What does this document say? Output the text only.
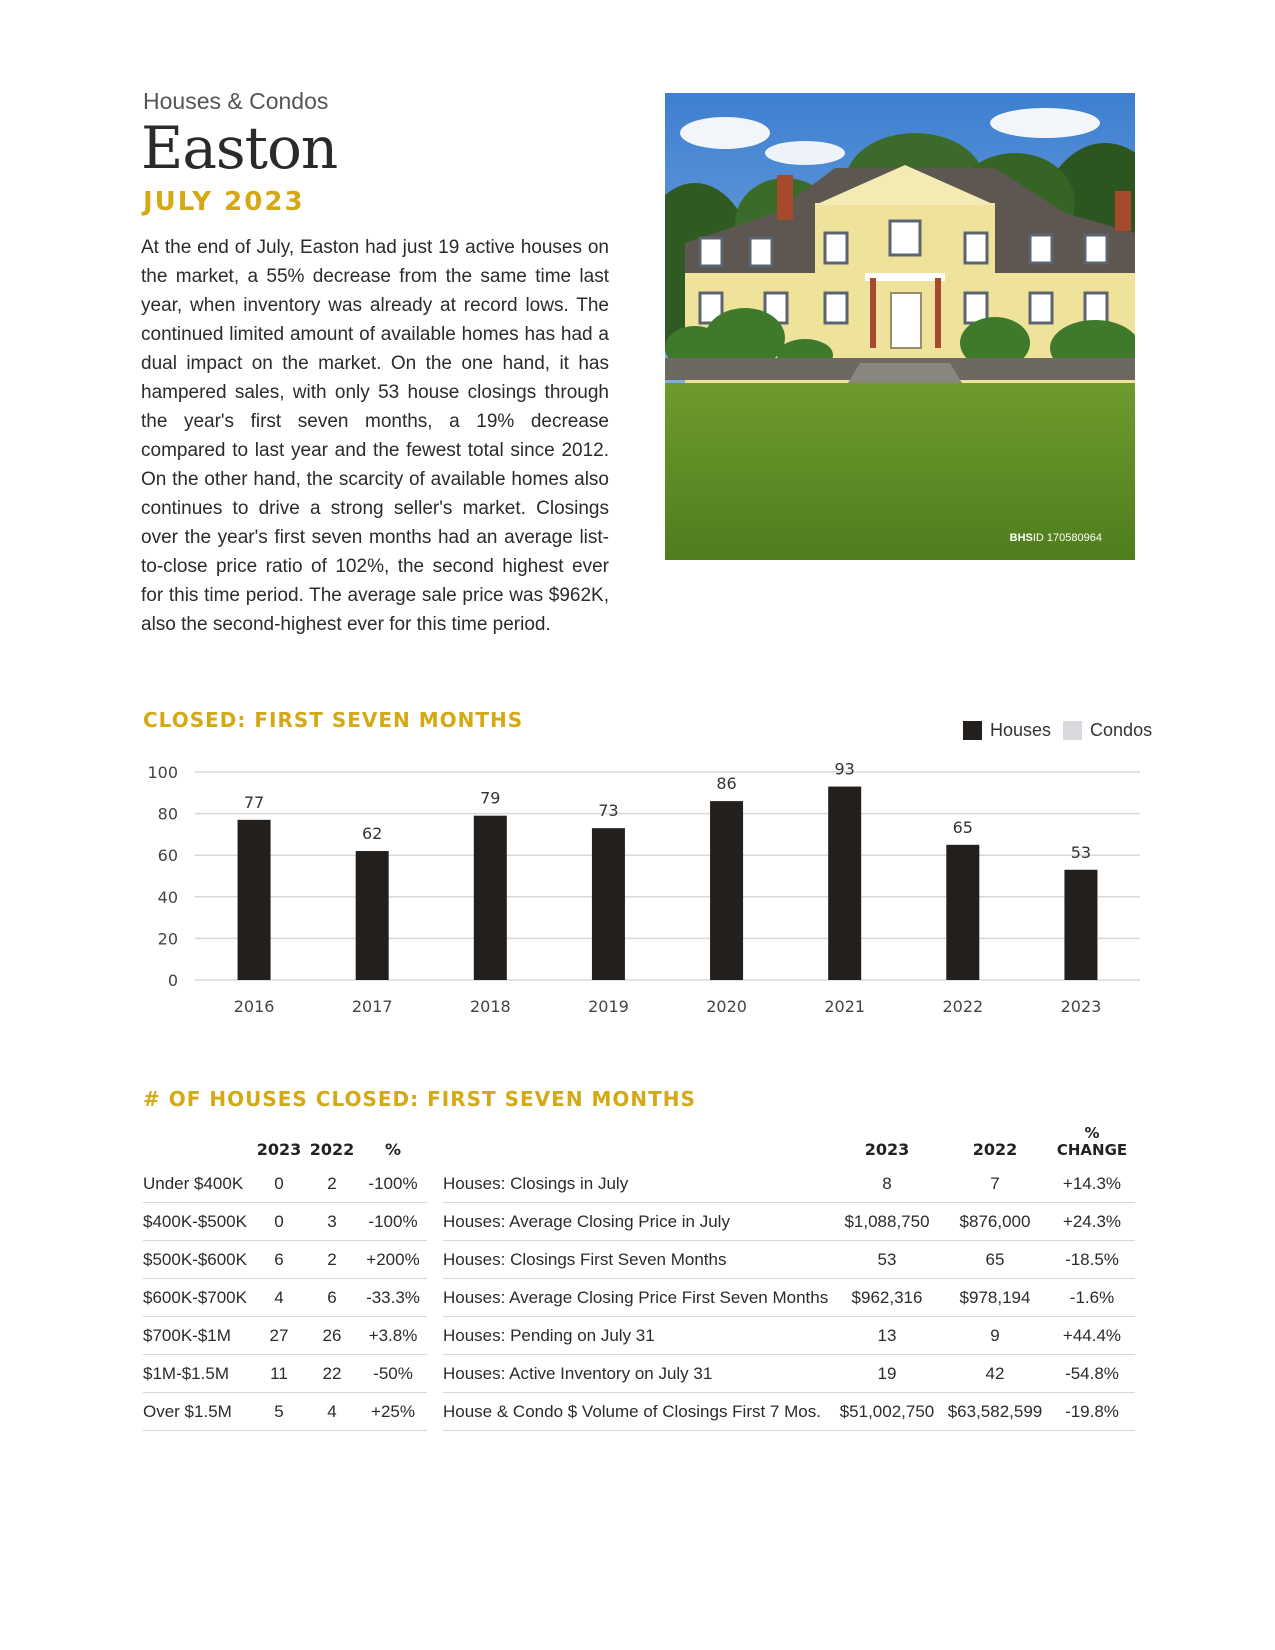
Houses & Condos
Easton
JULY 2023

At the end of July, Easton had just 19 active houses on the market, a 55% decrease from the same time last year, when inventory was already at record lows. The continued limited amount of available homes has had a dual impact on the market. On the one hand, it has hampered sales, with only 53 house closings through the year's first seven months, a 19% decrease compared to last year and the fewest total since 2012. On the other hand, the scarcity of available homes also continues to drive a strong seller's market. Closings over the year's first seven months had an average list-to-close price ratio of 102%, the second highest ever for this time period. The average sale price was $962K, also the second-highest ever for this time period.

BHSID 170580964
CLOSED: FIRST SEVEN MONTHS	Houses Condos
0
20
40
60
80
100
77
2016
62
2017
79
2018
73
2019
86
2020
93
2021
65
2022
53
2023
# OF HOUSES CLOSED: FIRST SEVEN MONTHS
	2023	2022	%
Under $400K	0	2	-100%
$400K-$500K	0	3	-100%
$500K-$600K	6	2	+200%
$600K-$700K	4	6	-33.3%
$700K-$1M	27	26	+3.8%
$1M-$1.5M	11	22	-50%
Over $1.5M	5	4	+25%
	2023	2022	%
CHANGE
Houses: Closings in July	8	7	+14.3%
Houses: Average Closing Price in July	$1,088,750	$876,000	+24.3%
Houses: Closings First Seven Months	53	65	-18.5%
Houses: Average Closing Price First Seven Months	$962,316	$978,194	-1.6%
Houses: Pending on July 31	13	9	+44.4%
Houses: Active Inventory on July 31	19	42	-54.8%
House & Condo $ Volume of Closings First 7 Mos.	$51,002,750	$63,582,599	-19.8%
